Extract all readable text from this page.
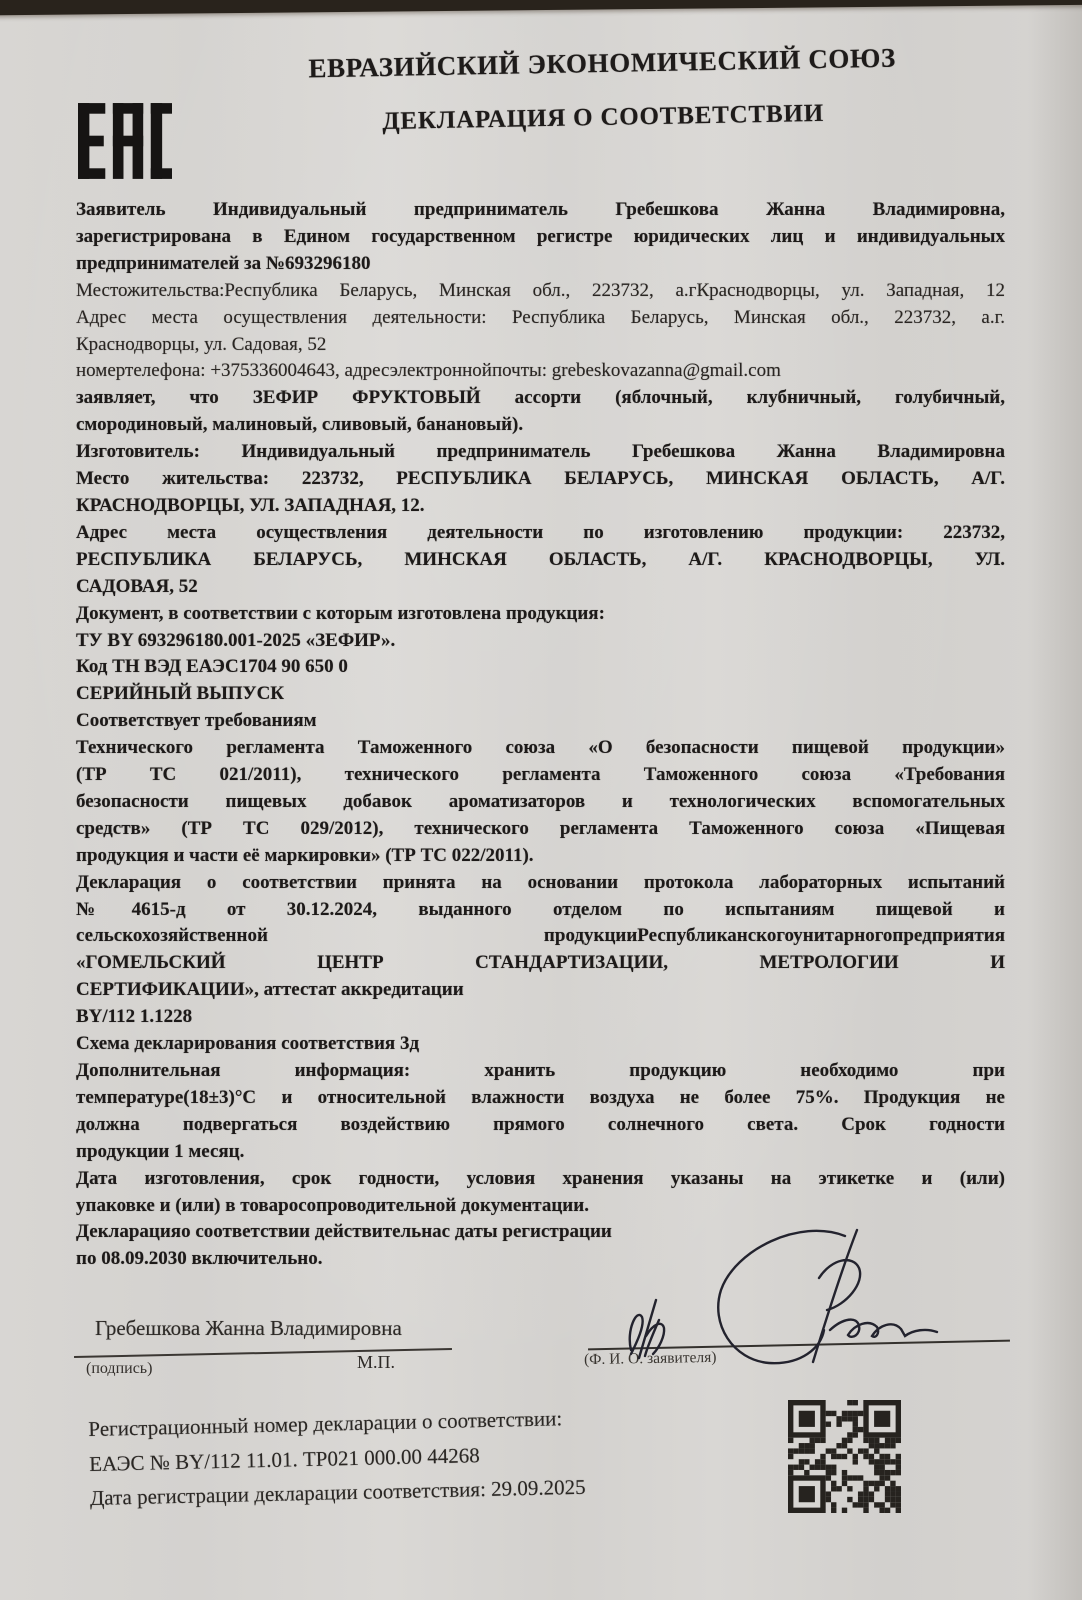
ЕВРАЗИЙСКИЙ ЭКОНОМИЧЕСКИЙ СОЮЗ
ДЕКЛАРАЦИЯ О СООТВЕТСТВИИ
Заявитель Индивидуальный предприниматель Гребешкова Жанна Владимировна,
зарегистрирована в Едином государственном регистре юридических лиц и индивидуальных
предпринимателей за №693296180
Местожительства:Республика Беларусь, Минская обл., 223732, а.гКраснодворцы, ул. Западная, 12
Адрес места осуществления деятельности: Республика Беларусь, Минская обл., 223732, а.г.
Краснодворцы, ул. Садовая, 52
номертелефона: +375336004643, адресэлектроннойпочты: grebeskovazanna@gmail.com
заявляет, что ЗЕФИР ФРУКТОВЫЙ ассорти (яблочный, клубничный, голубичный,
смородиновый, малиновый, сливовый, банановый).
Изготовитель: Индивидуальный предприниматель Гребешкова Жанна Владимировна
Место жительства: 223732, РЕСПУБЛИКА БЕЛАРУСЬ, МИНСКАЯ ОБЛАСТЬ, А/Г.
КРАСНОДВОРЦЫ, УЛ. ЗАПАДНАЯ, 12.
Адрес места осуществления деятельности по изготовлению продукции: 223732,
РЕСПУБЛИКА БЕЛАРУСЬ, МИНСКАЯ ОБЛАСТЬ, А/Г. КРАСНОДВОРЦЫ, УЛ.
САДОВАЯ, 52
Документ, в соответствии с которым изготовлена продукция:
ТУ BY 693296180.001-2025 «ЗЕФИР».
Код ТН ВЭД ЕАЭС1704 90 650 0
СЕРИЙНЫЙ ВЫПУСК
Соответствует требованиям
Технического регламента Таможенного союза «О безопасности пищевой продукции»
(ТР ТС 021/2011), технического регламента Таможенного союза «Требования
безопасности пищевых добавок ароматизаторов и технологических вспомогательных
средств» (ТР ТС 029/2012), технического регламента Таможенного союза «Пищевая
продукция и части её маркировки» (ТР ТС 022/2011).
Декларация о соответствии принята на основании протокола лабораторных испытаний
№4615-д от 30.12.2024, выданного отделом по испытаниям пищевой и
сельскохозяйственной продукцииРеспубликанскогоунитарногопредприятия
«ГОМЕЛЬСКИЙ ЦЕНТР СТАНДАРТИЗАЦИИ, МЕТРОЛОГИИ И
СЕРТИФИКАЦИИ», аттестат аккредитации
BY/112 1.1228
Схема декларирования соответствия 3д
Дополнительная информация: хранить продукцию необходимо при
температуре(18±3)°С и относительной влажности воздуха не более 75%. Продукция не
должна подвергаться воздействию прямого солнечного света. Срок годности
продукции 1 месяц.
Дата изготовления, срок годности, условия хранения указаны на этикетке и (или)
упаковке и (или) в товаросопроводительной документации.
Декларацияо соответствии действительнас даты регистрации
по 08.09.2030 включительно.
Гребешкова Жанна Владимировна
(подпись)	М.П.	(Ф. И. О. заявителя)
Регистрационный номер декларации о соответствии:
ЕАЭС № BY/112 11.01. ТР021 000.00 44268
Дата регистрации декларации соответствия: 29.09.2025
